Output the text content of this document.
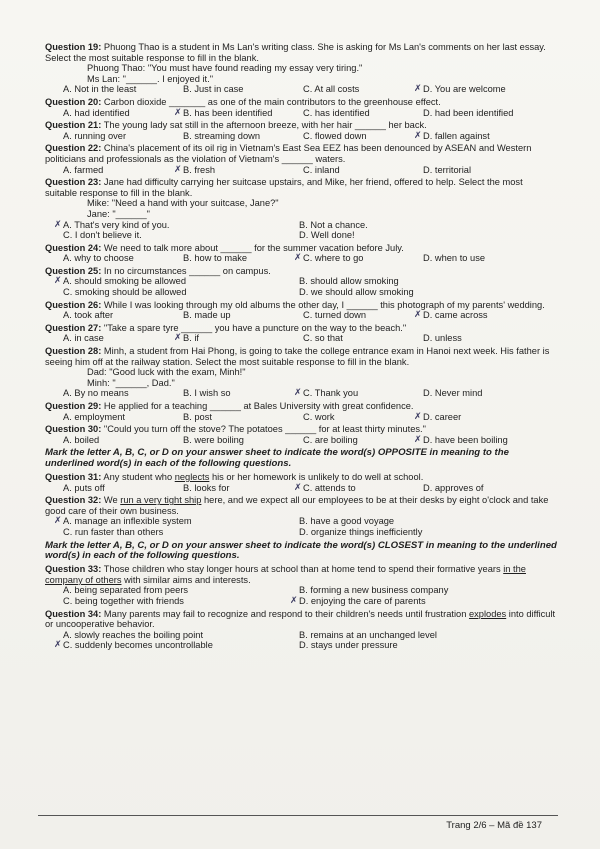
Question 19: Phuong Thao is a student in Ms Lan's writing class. She is asking for Ms Lan's comments on her last essay. Select the most suitable response to fill in the blank.
Phuong Thao: "You must have found reading my essay very tiring."
Ms Lan: "______. I enjoyed it."
A. Not in the least	B. Just in case	C. At all costs	✗ D. You are welcome
Question 20: Carbon dioxide _______ as one of the main contributors to the greenhouse effect.
A. had identified	✗ B. has been identified	C. has identified	D. had been identified
Question 21: The young lady sat still in the afternoon breeze, with her hair ______ her back.
A. running over	B. streaming down	C. flowed down	✗ D. fallen against
Question 22: China's placement of its oil rig in Vietnam's East Sea EEZ has been denounced by ASEAN and Western politicians and professionals as the violation of Vietnam's ______ waters.
A. farmed	✗ B. fresh	C. inland	D. territorial
Question 23: Jane had difficulty carrying her suitcase upstairs, and Mike, her friend, offered to help. Select the most suitable response to fill in the blank.
Mike: "Need a hand with your suitcase, Jane?"
Jane: "______"
✗ A. That's very kind of you.	B. Not a chance.
C. I don't believe it.	D. Well done!
Question 24: We need to talk more about ______ for the summer vacation before July.
A. why to choose	B. how to make	✗ C. where to go	D. when to use
Question 25: In no circumstances ______ on campus.
✗ A. should smoking be allowed	B. should allow smoking
C. smoking should be allowed	D. we should allow smoking
Question 26: While I was looking through my old albums the other day, I ______ this photograph of my parents' wedding.
A. took after	B. made up	C. turned down	✗ D. came across
Question 27: "Take a spare tyre ______ you have a puncture on the way to the beach."
A. in case	✗ B. if	C. so that	D. unless
Question 28: Minh, a student from Hai Phong, is going to take the college entrance exam in Hanoi next week. His father is seeing him off at the railway station. Select the most suitable response to fill in the blank.
Dad: "Good luck with the exam, Minh!"
Minh: "______, Dad."
A. By no means	B. I wish so	✗ C. Thank you	D. Never mind
Question 29: He applied for a teaching ______ at Bales University with great confidence.
A. employment	B. post	C. work	✗ D. career
Question 30: "Could you turn off the stove? The potatoes ______ for at least thirty minutes."
A. boiled	B. were boiling	C. are boiling	✗ D. have been boiling
Mark the letter A, B, C, or D on your answer sheet to indicate the word(s) OPPOSITE in meaning to the underlined word(s) in each of the following questions.
Question 31: Any student who neglects his or her homework is unlikely to do well at school.
A. puts off	B. looks for	✗ C. attends to	D. approves of
Question 32: We run a very tight ship here, and we expect all our employees to be at their desks by eight o'clock and take good care of their own business.
✗ A. manage an inflexible system	B. have a good voyage
C. run faster than others	D. organize things inefficiently
Mark the letter A, B, C, or D on your answer sheet to indicate the word(s) CLOSEST in meaning to the underlined word(s) in each of the following questions.
Question 33: Those children who stay longer hours at school than at home tend to spend their formative years in the company of others with similar aims and interests.
A. being separated from peers	B. forming a new business company
C. being together with friends	✗ D. enjoying the care of parents
Question 34: Many parents may fail to recognize and respond to their children's needs until frustration explodes into difficult or uncooperative behavior.
A. slowly reaches the boiling point	B. remains at an unchanged level
✗ C. suddenly becomes uncontrollable	D. stays under pressure
Trang 2/6 – Mã đề 137
